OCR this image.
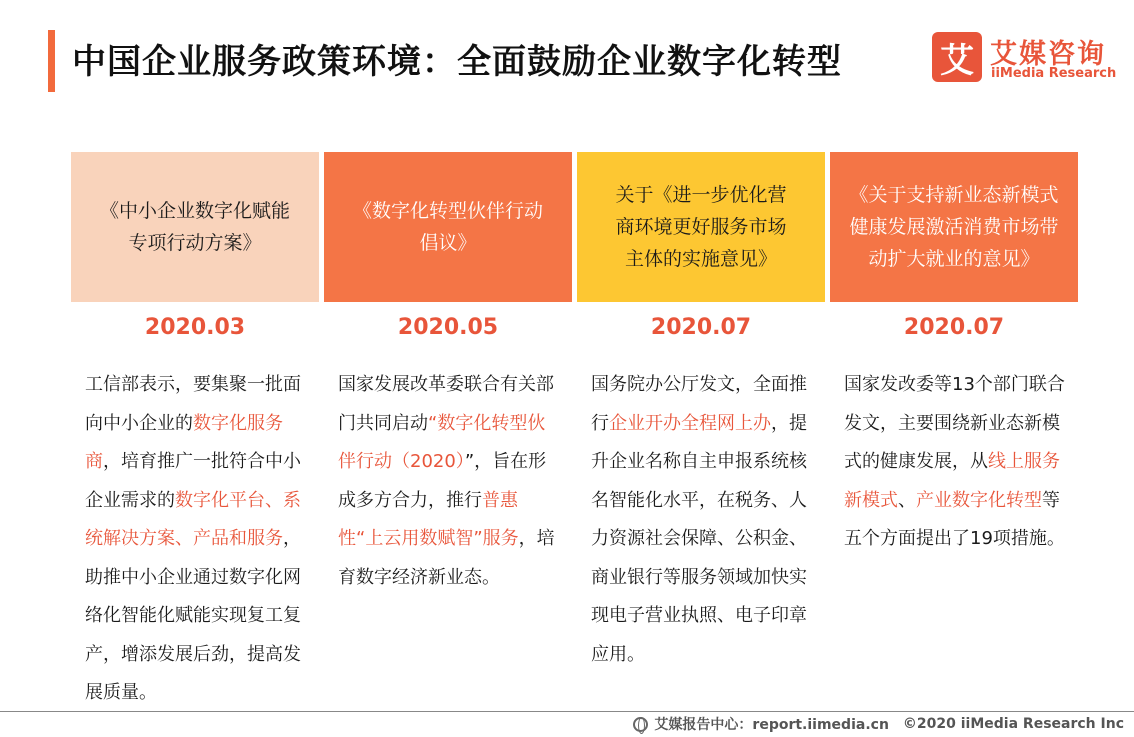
中国企业服务政策环境：全面鼓励企业数字化转型	艾 艾媒咨询
iiMedia Research
《中小企业数字化赋能
专项行动方案》
2020.03
工信部表示，要集聚一批面向中小企业的数字化服务商，培育推广一批符合中小企业需求的数字化平台、系统解决方案、产品和服务，助推中小企业通过数字化网络化智能化赋能实现复工复产，增添发展后劲，提高发展质量。
《数字化转型伙伴行动
倡议》
2020.05
国家发展改革委联合有关部门共同启动“数字化转型伙伴行动（2020）”，旨在形成多方合力，推行普惠性“上云用数赋智”服务，培育数字经济新业态。
关于《进一步优化营
商环境更好服务市场
主体的实施意见》
2020.07
国务院办公厅发文，全面推行企业开办全程网上办，提升企业名称自主申报系统核名智能化水平，在税务、人力资源社会保障、公积金、商业银行等服务领域加快实现电子营业执照、电子印章应用。
《关于支持新业态新模式
健康发展激活消费市场带
动扩大就业的意见》
2020.07
国家发改委等13个部门联合发文，主要围绕新业态新模式的健康发展，从线上服务新模式、产业数字化转型等五个方面提出了19项措施。
艾媒报告中心：report.iimedia.cn ©2020 iiMedia Research Inc
